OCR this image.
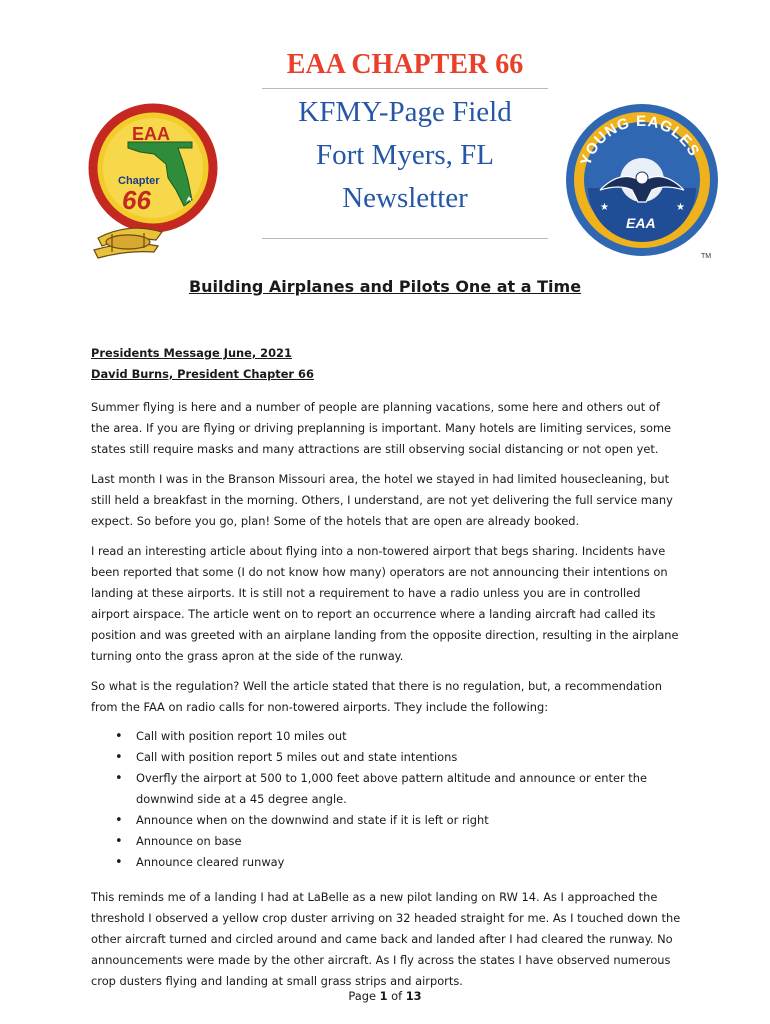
EAA CHAPTER 66
KFMY-Page Field
Fort Myers, FL
Newsletter
EAA
Chapter
66
YOUNG EAGLES
★	★
EAA
TM
Building Airplanes and Pilots One at a Time
Presidents Message June, 2021
David Burns, President Chapter 66

Summer flying is here and a number of people are planning vacations, some here and others out of the area. If you are flying or driving preplanning is important. Many hotels are limiting services, some states still require masks and many attractions are still observing social distancing or not open yet.

Last month I was in the Branson Missouri area, the hotel we stayed in had limited housecleaning, but still held a breakfast in the morning. Others, I understand, are not yet delivering the full service many expect. So before you go, plan! Some of the hotels that are open are already booked.

I read an interesting article about flying into a non-towered airport that begs sharing. Incidents have been reported that some (I do not know how many) operators are not announcing their intentions on landing at these airports. It is still not a requirement to have a radio unless you are in controlled airport airspace. The article went on to report an occurrence where a landing aircraft had called its position and was greeted with an airplane landing from the opposite direction, resulting in the airplane turning onto the grass apron at the side of the runway.

So what is the regulation? Well the article stated that there is no regulation, but, a recommendation from the FAA on radio calls for non-towered airports. They include the following:

• Call with position report 10 miles out
• Call with position report 5 miles out and state intentions
• Overfly the airport at 500 to 1,000 feet above pattern altitude and announce or enter the downwind side at a 45 degree angle.
• Announce when on the downwind and state if it is left or right
• Announce on base
• Announce cleared runway

This reminds me of a landing I had at LaBelle as a new pilot landing on RW 14. As I approached the threshold I observed a yellow crop duster arriving on 32 headed straight for me. As I touched down the other aircraft turned and circled around and came back and landed after I had cleared the runway. No announcements were made by the other aircraft. As I fly across the states I have observed numerous crop dusters flying and landing at small grass strips and airports.

Page 1 of 13
